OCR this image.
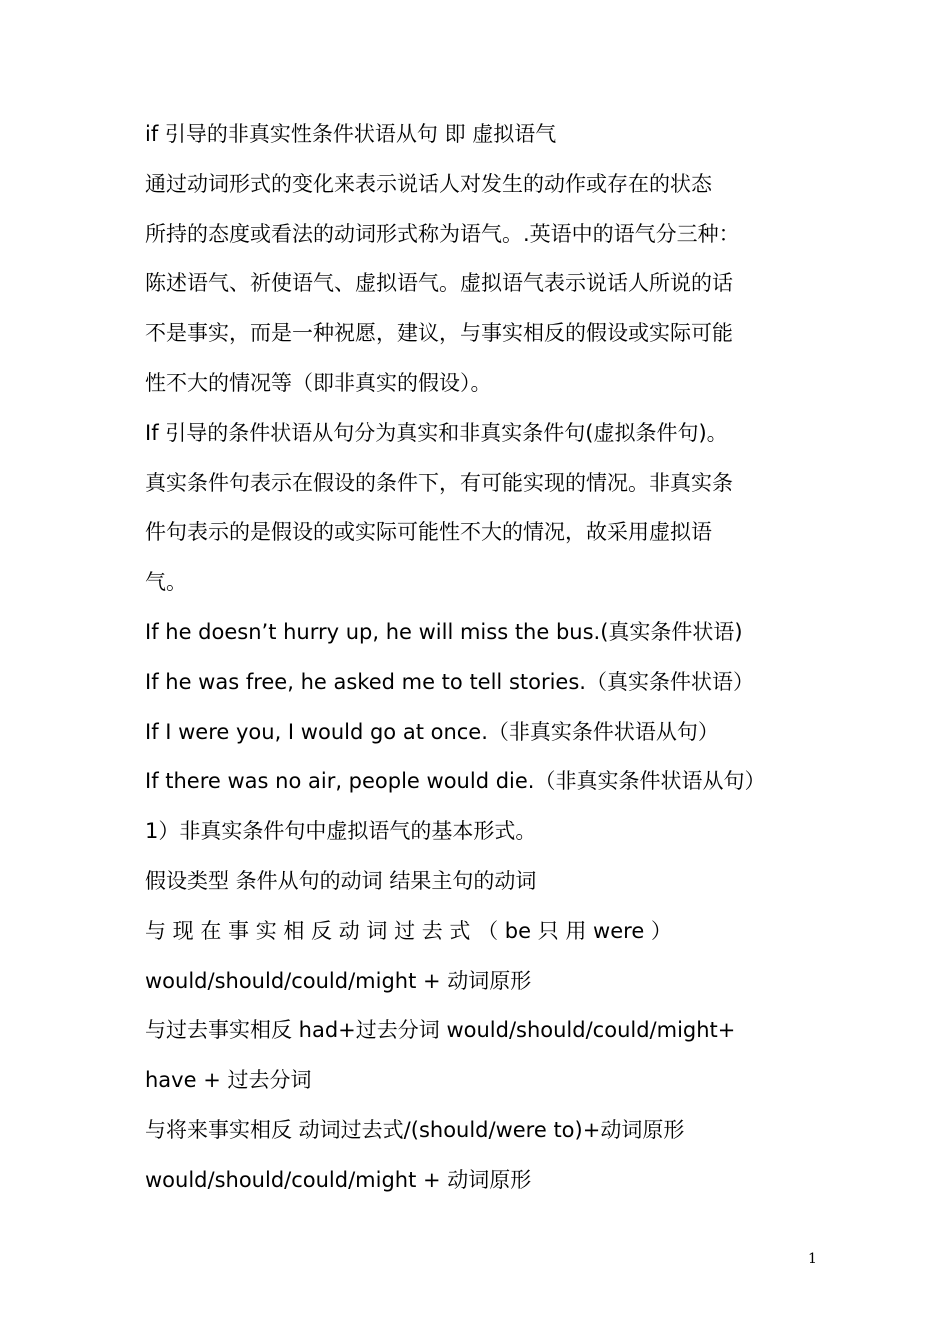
if 引导的非真实性条件状语从句 即 虚拟语气
通过动词形式的变化来表示说话人对发生的动作或存在的状态
所持的态度或看法的动词形式称为语气。.英语中的语气分三种：
陈述语气、祈使语气、虚拟语气。虚拟语气表示说话人所说的话
不是事实，而是一种祝愿，建议，与事实相反的假设或实际可能
性不大的情况等（即非真实的假设）。
If 引导的条件状语从句分为真实和非真实条件句(虚拟条件句)。
真实条件句表示在假设的条件下，有可能实现的情况。非真实条
件句表示的是假设的或实际可能性不大的情况，故采用虚拟语
气。
If he doesn’t hurry up, he will miss the bus.(真实条件状语)
If he was free, he asked me to tell stories.（真实条件状语）
If I were you, I would go at once.（非真实条件状语从句）
If there was no air, people would die.（非真实条件状语从句）
1）非真实条件句中虚拟语气的基本形式。
假设类型 条件从句的动词 结果主句的动词
与 现 在 事 实 相 反 动 词 过 去 式 （ be 只 用 were ）
would/should/could/might + 动词原形
与过去事实相反 had+过去分词 would/should/could/might+
have + 过去分词
与将来事实相反 动词过去式/(should/were to)+动词原形
would/should/could/might + 动词原形
1
